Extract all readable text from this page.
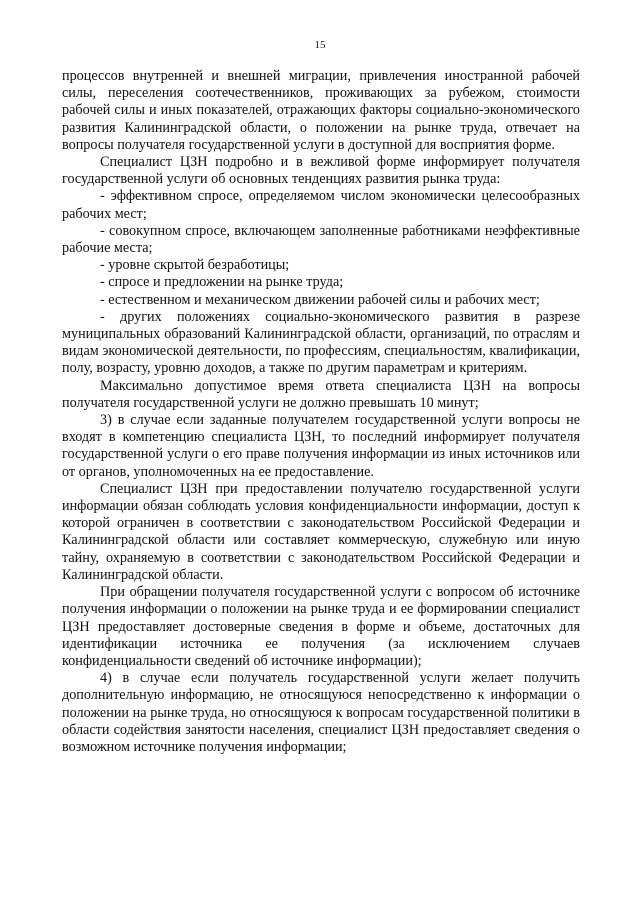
15

процессов внутренней и внешней миграции, привлечения иностранной рабочей силы, переселения соотечественников, проживающих за рубежом, стоимости рабочей силы и иных показателей, отражающих факторы социально-экономического развития Калининградской области, о положении на рынке труда, отвечает на вопросы получателя государственной услуги в доступной для восприятия форме.

Специалист ЦЗН подробно и в вежливой форме информирует получателя государственной услуги об основных тенденциях развития рынка труда:

- эффективном спросе, определяемом числом экономически целесообразных рабочих мест;

- совокупном спросе, включающем заполненные работниками неэффективные рабочие места;

- уровне скрытой безработицы;

- спросе и предложении на рынке труда;

- естественном и механическом движении рабочей силы и рабочих мест;

- других положениях социально-экономического развития в разрезе муниципальных образований Калининградской области, организаций, по отраслям и видам экономической деятельности, по профессиям, специальностям, квалификации, полу, возрасту, уровню доходов, а также по другим параметрам и критериям.

Максимально допустимое время ответа специалиста ЦЗН на вопросы получателя государственной услуги не должно превышать 10 минут;

3) в случае если заданные получателем государственной услуги вопросы не входят в компетенцию специалиста ЦЗН, то последний информирует получателя государственной услуги о его праве получения информации из иных источников или от органов, уполномоченных на ее предоставление.

Специалист ЦЗН при предоставлении получателю государственной услуги информации обязан соблюдать условия конфиденциальности информации, доступ к которой ограничен в соответствии с законодательством Российской Федерации и Калининградской области или составляет коммерческую, служебную или иную тайну, охраняемую в соответствии с законодательством Российской Федерации и Калининградской области.

При обращении получателя государственной услуги с вопросом об источнике получения информации о положении на рынке труда и ее формировании специалист ЦЗН предоставляет достоверные сведения в форме и объеме, достаточных для идентификации источника ее получения (за исключением случаев конфиденциальности сведений об источнике информации);

4) в случае если получатель государственной услуги желает получить дополнительную информацию, не относящуюся непосредственно к информации о положении на рынке труда, но относящуюся к вопросам государственной политики в области содействия занятости населения, специалист ЦЗН предоставляет сведения о возможном источнике получения информации;
